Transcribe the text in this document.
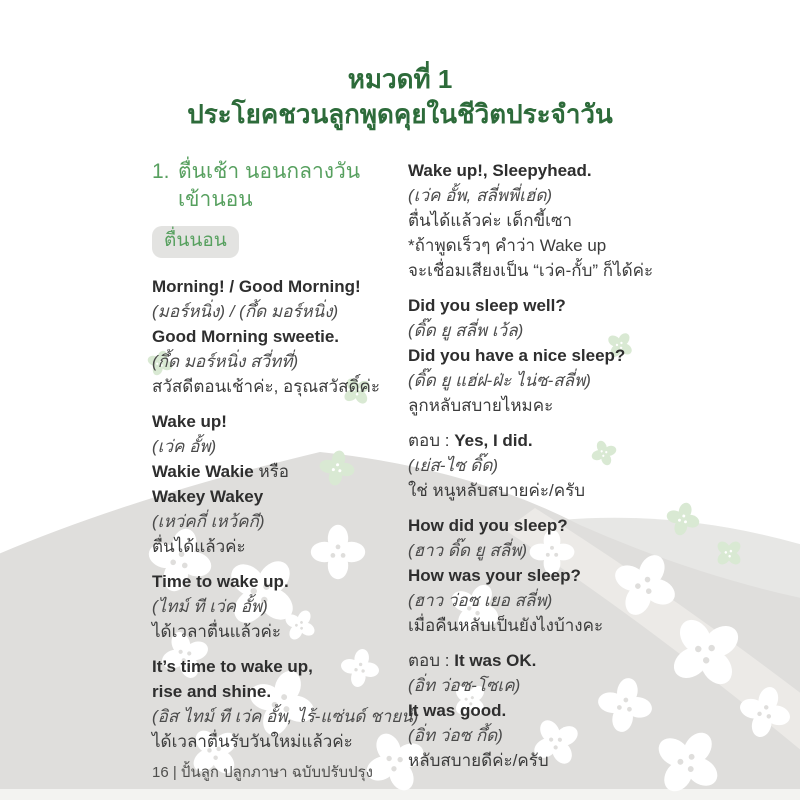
หมวดที่ 1
ประโยคชวนลูกพูดคุยในชีวิตประจำวัน
1. ตื่นเช้า นอนกลางวัน
เข้านอน
ตื่นนอน
Morning! / Good Morning!
(มอร์หนิ่ง) / (กึ้ด มอร์หนิ่ง)
Good Morning sweetie.
(กึ้ด มอร์หนิ่ง สวี่ทที่)
สวัสดีตอนเช้าค่ะ, อรุณสวัสดิ์ค่ะ
Wake up!
(เว่ค อั้พ)
Wakie Wakie หรือ
Wakey Wakey
(เหว่คกี่ เหว้คกี)
ตื่นได้แล้วค่ะ
Time to wake up.
(ไทม์ ที เว่ค อั้พ)
ได้เวลาตื่นแล้วค่ะ
It’s time to wake up,
rise and shine.
(อิส ไทม์ ที เว่ค อั้พ, ไร้-แซ่นด์ ชายน์)
ได้เวลาตื่นรับวันใหม่แล้วค่ะ
Wake up!, Sleepyhead.
(เว่ค อั้พ, สลี่พพี่เฮ่ด)
ตื่นได้แล้วค่ะ เด็กขี้เซา
*ถ้าพูดเร็วๆ คำว่า Wake up
จะเชื่อมเสียงเป็น “เว่ค-กั้บ” ก็ได้ค่ะ
Did you sleep well?
(ดิ๊ด ยู สลี่พ เว้ล)
Did you have a nice sleep?
(ดิ๊ด ยู แฮ่ฝ-ฝ่ะ ไน่ซ-สลี่พ)
ลูกหลับสบายไหมคะ
ตอบ : Yes, I did.
(เย่ส-ไซ ดิ๊ด)
ใช่ หนูหลับสบายค่ะ/ครับ
How did you sleep?
(ฮาว ดิ๊ด ยู สลี่พ)
How was your sleep?
(ฮาว ว่อซ เยอ สลี่พ)
เมื่อคืนหลับเป็นยังไงบ้างคะ
ตอบ : It was OK.
(อิ่ท ว่อซ-โซเค)
It was good.
(อิ่ท ว่อซ กึ้ด)
หลับสบายดีค่ะ/ครับ
16 | ปั้นลูก ปลูกภาษา ฉบับปรับปรุง
